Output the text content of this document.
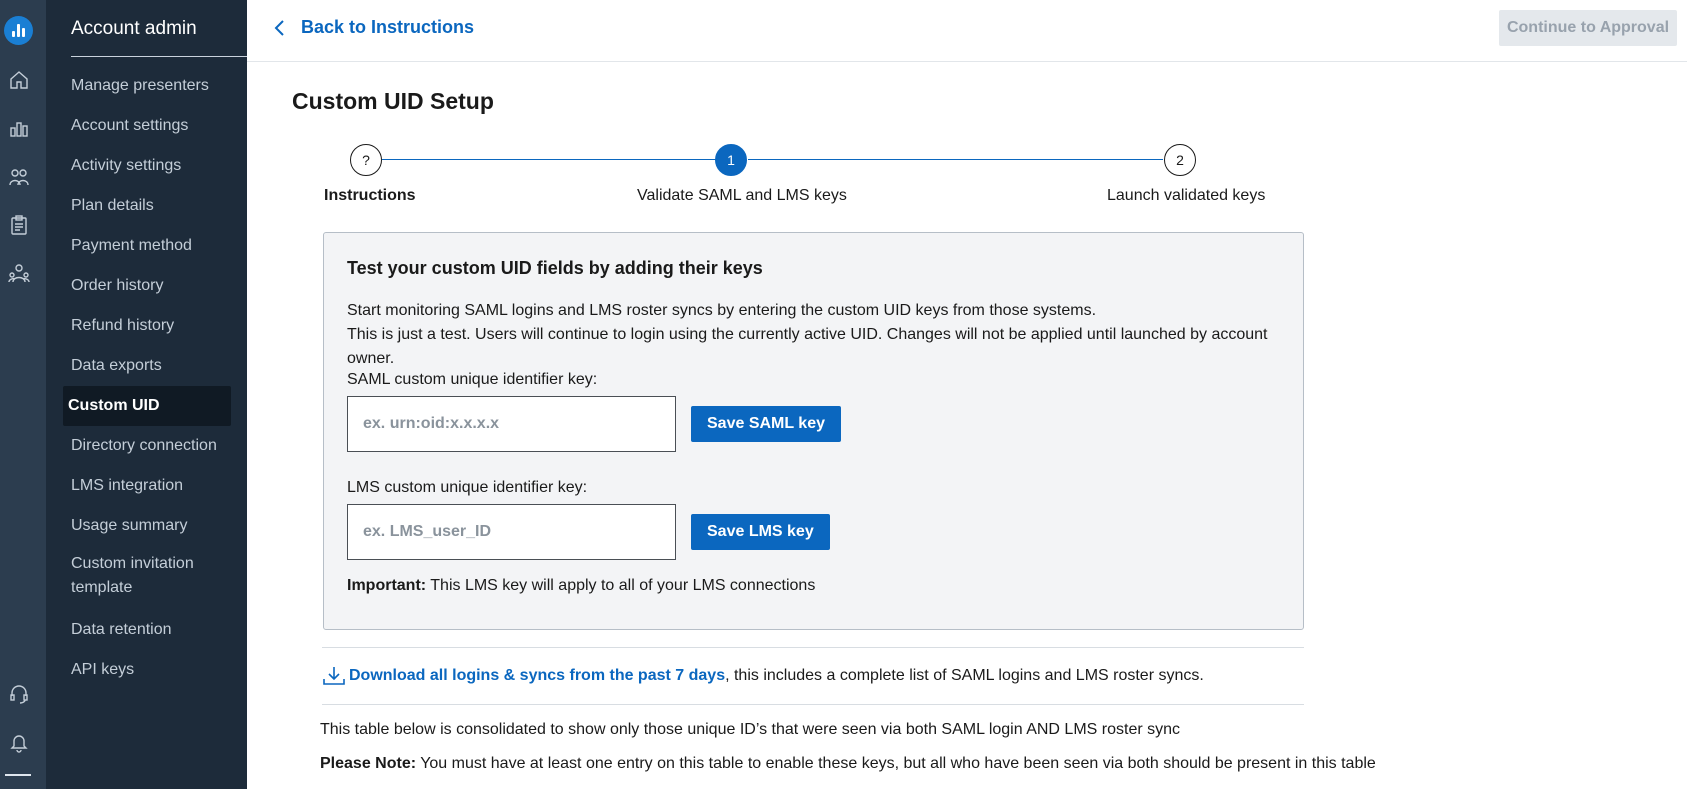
Account admin
Manage presenters
Account settings
Activity settings
Plan details
Payment method
Order history
Refund history
Data exports
Custom UID
Directory connection
LMS integration
Usage summary
Custom invitation template
Data retention
API keys
Back to Instructions	Continue to Approval
Custom UID Setup
?	1	2
Instructions	Validate SAML and LMS keys	Launch validated keys
Test your custom UID fields by adding their keys
Start monitoring SAML logins and LMS roster syncs by entering the custom UID keys from those systems.
This is just a test. Users will continue to login using the currently active UID. Changes will not be applied until launched by account owner.
SAML custom unique identifier key:
ex. urn:oid:x.x.x.x
Save SAML key
LMS custom unique identifier key:
ex. LMS_user_ID
Save LMS key
Important: This LMS key will apply to all of your LMS connections
Download all logins & syncs from the past 7 days , this includes a complete list of SAML logins and LMS roster syncs.
This table below is consolidated to show only those unique ID’s that were seen via both SAML login AND LMS roster sync
Please Note: You must have at least one entry on this table to enable these keys, but all who have been seen via both should be present in this table
